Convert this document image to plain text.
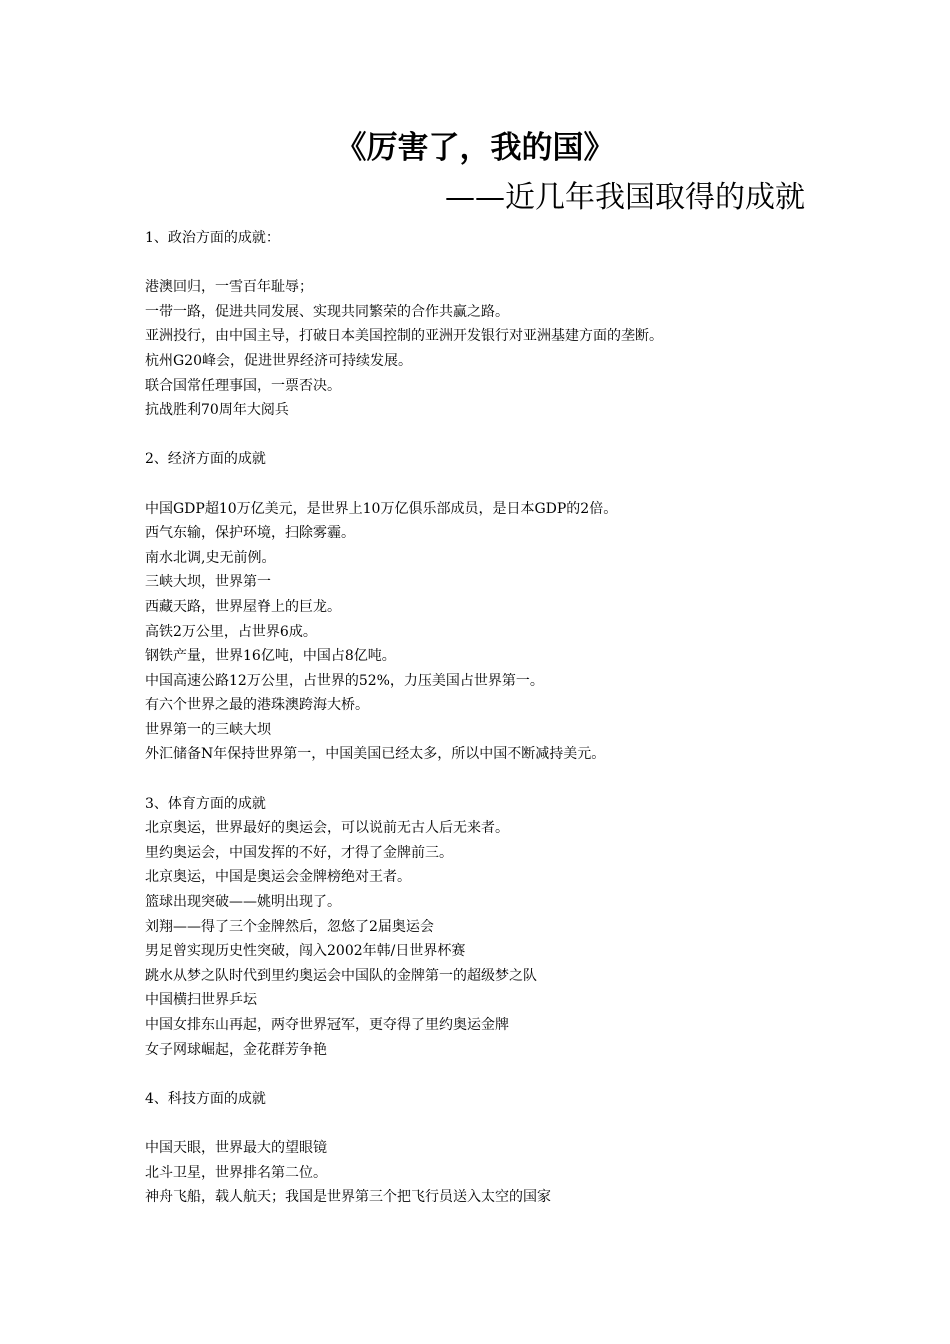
《厉害了，我的国》
——近几年我国取得的成就
1、政治方面的成就：
港澳回归，一雪百年耻辱；
一带一路，促进共同发展、实现共同繁荣的合作共赢之路。
亚洲投行，由中国主导，打破日本美国控制的亚洲开发银行对亚洲基建方面的垄断。
杭州G20峰会，促进世界经济可持续发展。
联合国常任理事国，一票否决。
抗战胜利70周年大阅兵
2、经济方面的成就
中国GDP超10万亿美元，是世界上10万亿俱乐部成员，是日本GDP的2倍。
西气东输，保护环境，扫除雾霾。
南水北调,史无前例。
三峡大坝，世界第一
西藏天路，世界屋脊上的巨龙。
高铁2万公里，占世界6成。
钢铁产量，世界16亿吨，中国占8亿吨。
中国高速公路12万公里，占世界的52%，力压美国占世界第一。
有六个世界之最的港珠澳跨海大桥。
世界第一的三峡大坝
外汇储备N年保持世界第一，中国美国已经太多，所以中国不断减持美元。
3、体育方面的成就
北京奥运，世界最好的奥运会，可以说前无古人后无来者。
里约奥运会，中国发挥的不好，才得了金牌前三。
北京奥运，中国是奥运会金牌榜绝对王者。
篮球出现突破——姚明出现了。
刘翔——得了三个金牌然后，忽悠了2届奥运会
男足曾实现历史性突破，闯入2002年韩/日世界杯赛
跳水从梦之队时代到里约奥运会中国队的金牌第一的超级梦之队
中国横扫世界乒坛
中国女排东山再起，两夺世界冠军，更夺得了里约奥运金牌
女子网球崛起，金花群芳争艳
4、科技方面的成就
中国天眼，世界最大的望眼镜
北斗卫星，世界排名第二位。
神舟飞船，载人航天；我国是世界第三个把飞行员送入太空的国家
